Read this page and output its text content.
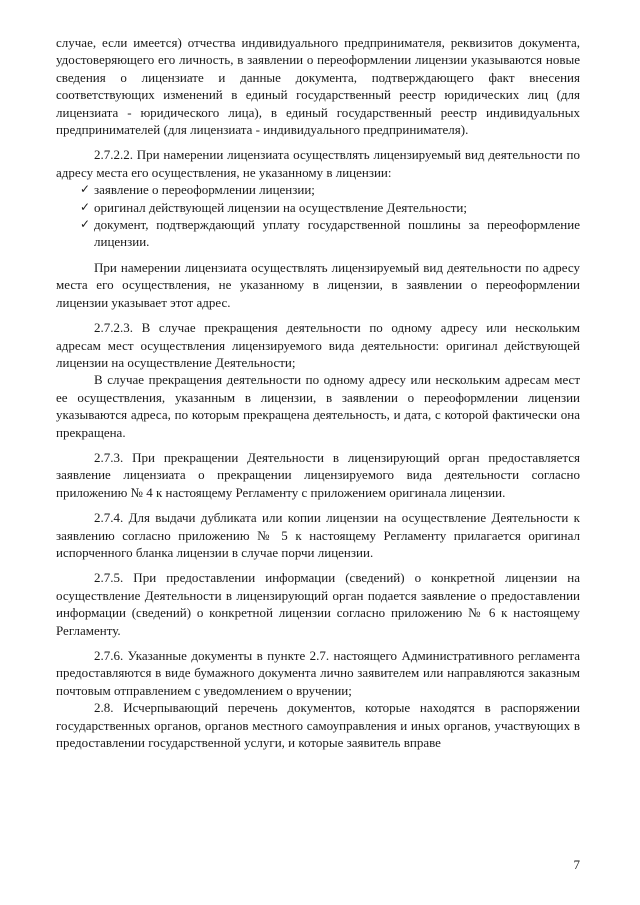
случае, если имеется) отчества индивидуального предпринимателя, реквизитов документа, удостоверяющего его личность, в заявлении о переоформлении лицензии указываются новые сведения о лицензиате и данные документа, подтверждающего факт внесения соответствующих изменений в единый государственный реестр юридических лиц (для лицензиата - юридического лица), в единый государственный реестр индивидуальных предпринимателей (для лицензиата - индивидуального предпринимателя).

2.7.2.2. При намерении лицензиата осуществлять лицензируемый вид деятельности по адресу места его осуществления, не указанному в лицензии:

✓ заявление о переоформлении лицензии;
✓ оригинал действующей лицензии на осуществление Деятельности;
✓ документ, подтверждающий уплату государственной пошлины за переоформление лицензии.

При намерении лицензиата осуществлять лицензируемый вид деятельности по адресу места его осуществления, не указанному в лицензии, в заявлении о переоформлении лицензии указывает этот адрес.

2.7.2.3. В случае прекращения деятельности по одному адресу или нескольким адресам мест осуществления лицензируемого вида деятельности: оригинал действующей лицензии на осуществление Деятельности;

В случае прекращения деятельности по одному адресу или нескольким адресам мест ее осуществления, указанным в лицензии, в заявлении о переоформлении лицензии указываются адреса, по которым прекращена деятельность, и дата, с которой фактически она прекращена.

2.7.3. При прекращении Деятельности в лицензирующий орган предоставляется заявление лицензиата о прекращении лицензируемого вида деятельности согласно приложению № 4 к настоящему Регламенту с приложением оригинала лицензии.

2.7.4. Для выдачи дубликата или копии лицензии на осуществление Деятельности к заявлению согласно приложению № 5 к настоящему Регламенту прилагается оригинал испорченного бланка лицензии в случае порчи лицензии.

2.7.5. При предоставлении информации (сведений) о конкретной лицензии на осуществление Деятельности в лицензирующий орган подается заявление о предоставлении информации (сведений) о конкретной лицензии согласно приложению № 6 к настоящему Регламенту.

2.7.6. Указанные документы в пункте 2.7. настоящего Административного регламента предоставляются в виде бумажного документа лично заявителем или направляются заказным почтовым отправлением с уведомлением о вручении;

2.8. Исчерпывающий перечень документов, которые находятся в распоряжении государственных органов, органов местного самоуправления и иных органов, участвующих в предоставлении государственной услуги, и которые заявитель вправе

7
